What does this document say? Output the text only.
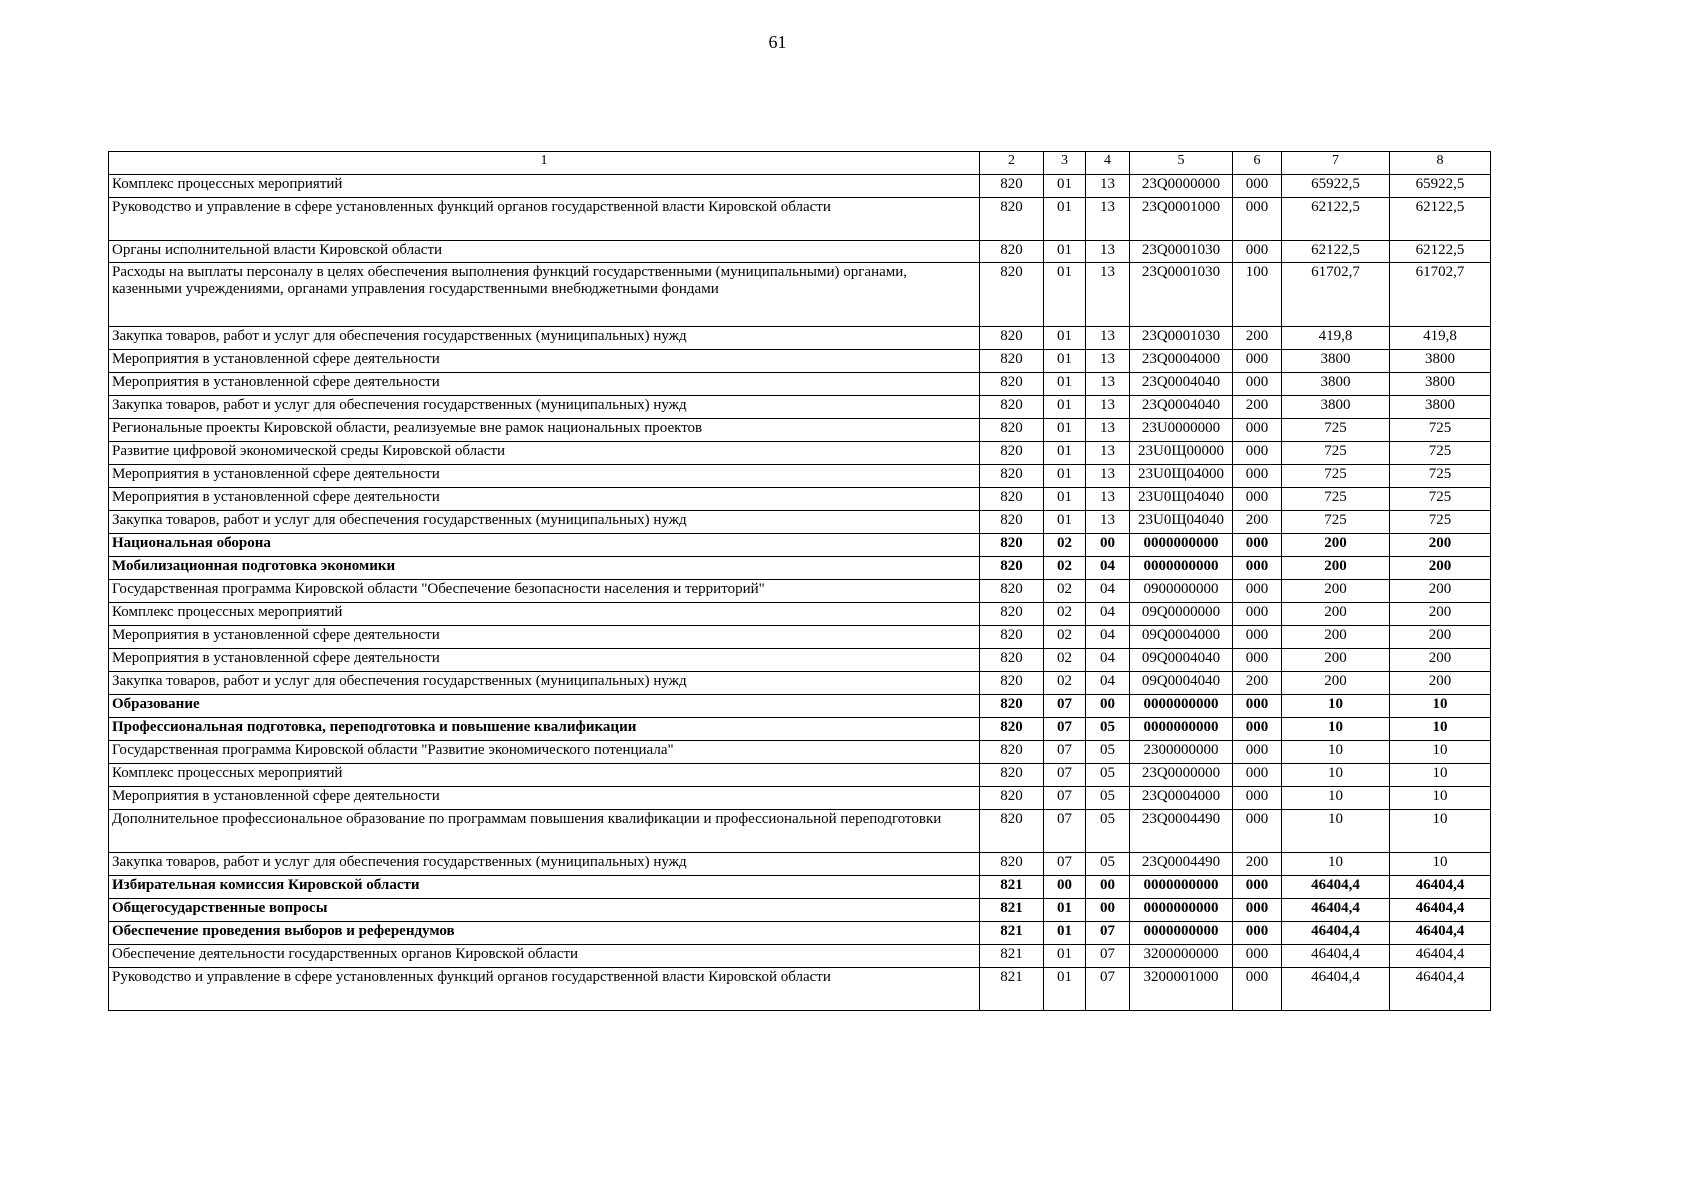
61
1	2	3	4	5	6	7	8
Комплекс процессных мероприятий	820	01	13	23Q0000000	000	65922,5	65922,5
Руководство и управление в сфере установленных функций органов государственной власти Кировской области	820	01	13	23Q0001000	000	62122,5	62122,5
Органы исполнительной власти Кировской области	820	01	13	23Q0001030	000	62122,5	62122,5
Расходы на выплаты персоналу в целях обеспечения выполнения функций государственными (муниципальными) органами, казенными учреждениями, органами управления государственными внебюджетными фондами	820	01	13	23Q0001030	100	61702,7	61702,7
Закупка товаров, работ и услуг для обеспечения государственных (муниципальных) нужд	820	01	13	23Q0001030	200	419,8	419,8
Мероприятия в установленной сфере деятельности	820	01	13	23Q0004000	000	3800	3800
Мероприятия в установленной сфере деятельности	820	01	13	23Q0004040	000	3800	3800
Закупка товаров, работ и услуг для обеспечения государственных (муниципальных) нужд	820	01	13	23Q0004040	200	3800	3800
Региональные проекты Кировской области, реализуемые вне рамок национальных проектов	820	01	13	23U0000000	000	725	725
Развитие цифровой экономической среды Кировской области	820	01	13	23U0Щ00000	000	725	725
Мероприятия в установленной сфере деятельности	820	01	13	23U0Щ04000	000	725	725
Мероприятия в установленной сфере деятельности	820	01	13	23U0Щ04040	000	725	725
Закупка товаров, работ и услуг для обеспечения государственных (муниципальных) нужд	820	01	13	23U0Щ04040	200	725	725
Национальная оборона	820	02	00	0000000000	000	200	200
Мобилизационная подготовка экономики	820	02	04	0000000000	000	200	200
Государственная программа Кировской области "Обеспечение безопасности населения и территорий"	820	02	04	0900000000	000	200	200
Комплекс процессных мероприятий	820	02	04	09Q0000000	000	200	200
Мероприятия в установленной сфере деятельности	820	02	04	09Q0004000	000	200	200
Мероприятия в установленной сфере деятельности	820	02	04	09Q0004040	000	200	200
Закупка товаров, работ и услуг для обеспечения государственных (муниципальных) нужд	820	02	04	09Q0004040	200	200	200
Образование	820	07	00	0000000000	000	10	10
Профессиональная подготовка, переподготовка и повышение квалификации	820	07	05	0000000000	000	10	10
Государственная программа Кировской области "Развитие экономического потенциала"	820	07	05	2300000000	000	10	10
Комплекс процессных мероприятий	820	07	05	23Q0000000	000	10	10
Мероприятия в установленной сфере деятельности	820	07	05	23Q0004000	000	10	10
Дополнительное профессиональное образование по программам повышения квалификации и профессиональной переподготовки	820	07	05	23Q0004490	000	10	10
Закупка товаров, работ и услуг для обеспечения государственных (муниципальных) нужд	820	07	05	23Q0004490	200	10	10
Избирательная комиссия Кировской области	821	00	00	0000000000	000	46404,4	46404,4
Общегосударственные вопросы	821	01	00	0000000000	000	46404,4	46404,4
Обеспечение проведения выборов и референдумов	821	01	07	0000000000	000	46404,4	46404,4
Обеспечение деятельности государственных органов Кировской области	821	01	07	3200000000	000	46404,4	46404,4
Руководство и управление в сфере установленных функций органов государственной власти Кировской области	821	01	07	3200001000	000	46404,4	46404,4
